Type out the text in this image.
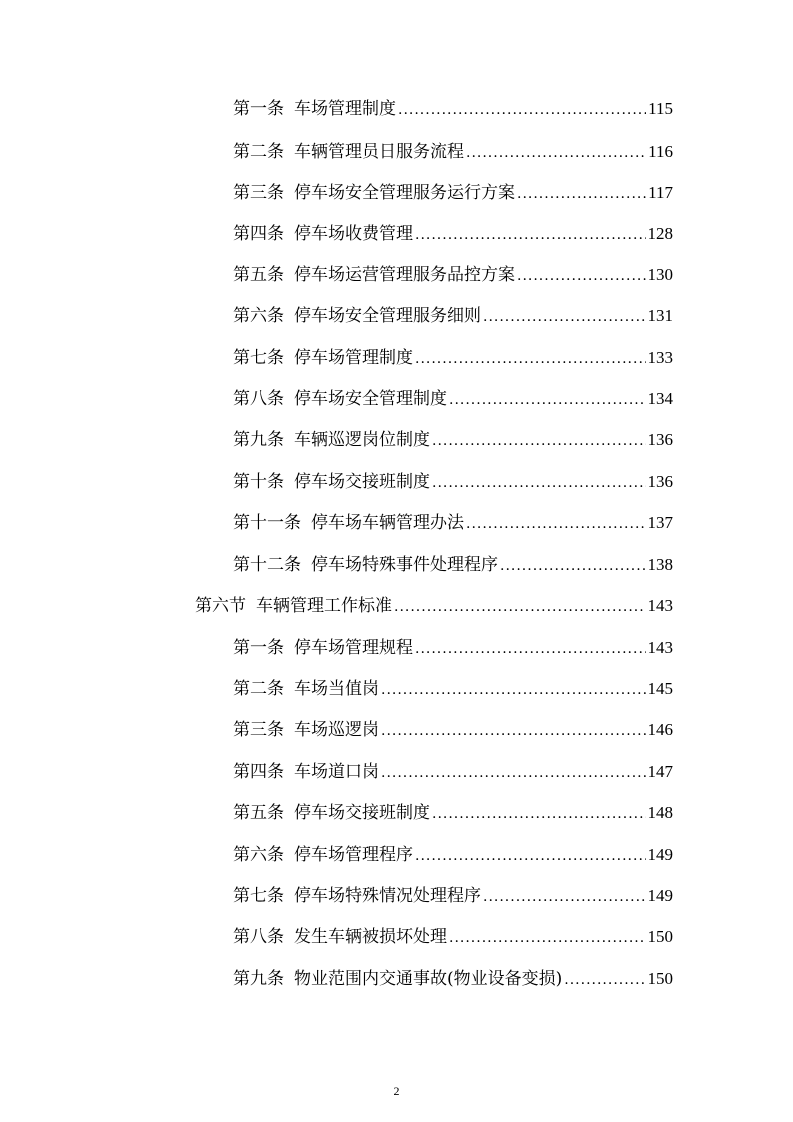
第一条 车场管理制度 .....	115
第二条 车辆管理员日服务流程 .....	116
第三条 停车场安全管理服务运行方案 .....	117
第四条 停车场收费管理 .....	128
第五条 停车场运营管理服务品控方案 .....	130
第六条 停车场安全管理服务细则 .....	131
第七条 停车场管理制度 .....	133
第八条 停车场安全管理制度 .....	134
第九条 车辆巡逻岗位制度 .....	136
第十条 停车场交接班制度 .....	136
第十一条 停车场车辆管理办法 .....	137
第十二条 停车场特殊事件处理程序 .....	138
第六节 车辆管理工作标准 .....	143
第一条 停车场管理规程 .....	143
第二条 车场当值岗 .....	145
第三条 车场巡逻岗 .....	146
第四条 车场道口岗 .....	147
第五条 停车场交接班制度 .....	148
第六条 停车场管理程序 .....	149
第七条 停车场特殊情况处理程序 .....	149
第八条 发生车辆被损坏处理 .....	150
第九条 物业范围内交通事故(物业设备变损) .....	150
2
